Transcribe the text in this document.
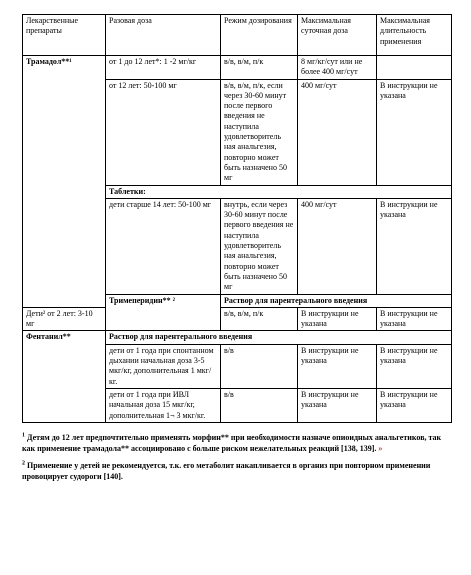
Лекарственные препараты	Разовая доза	Режим дозирования	Максимальная суточная доза	Максимальная длительность применения
Трамадол**¹	от 1 до 12 лет*: 1 -2 мг/кг	в/в, в/м, п/к	8 мг/кг/сут или не более 400 мг/сут	
	от 12 лет: 50-100 мг	в/в, в/м, п/к, если через 30-60 минут после первого введения не наступила удовлетворитель ная анальгезия, повторно может быть назначено 50 мг	400 мг/сут	В инструкции не указана
	Таблетки:			
	дети старше 14 лет: 50-100 мг	внутрь, если через 30-60 минут после первого введения не наступила удовлетворитель ная анальгезия, повторно может быть назначено 50 мг	400 мг/сут	В инструкции не указана
	Тримеперидин** ²	Раствор для парентерального введения		
Дети² от 2 лет: 3-10 мг		в/в, в/м, п/к	В инструкции не указана	В инструкции не указана
Фентанил**	Раствор для парентерального введения			
	дети от 1 года при спонтанном дыхании начальная доза 3-5 мкг/кг, дополнительная 1 мкг/кг.	в/в	В инструкции не указана	В инструкции не указана
	дети от 1 года при ИВЛ начальная доза 15 мкг/кг, дополнительная 1¬ 3 мкг/кг.	в/в	В инструкции не указана	В инструкции не указана

$^1$ Детям до 12 лет предпочтительно применять морфин** при необходимости назначе опиоидных анальгетиков, так как применение трамадола** ассоциировано с больше риском нежелательных реакций [138, 139]. »

$^2$ Применение у детей не рекомендуется, т.к. его метаболит накапливается в организ при повторном применении провоцирует судороги [140].
